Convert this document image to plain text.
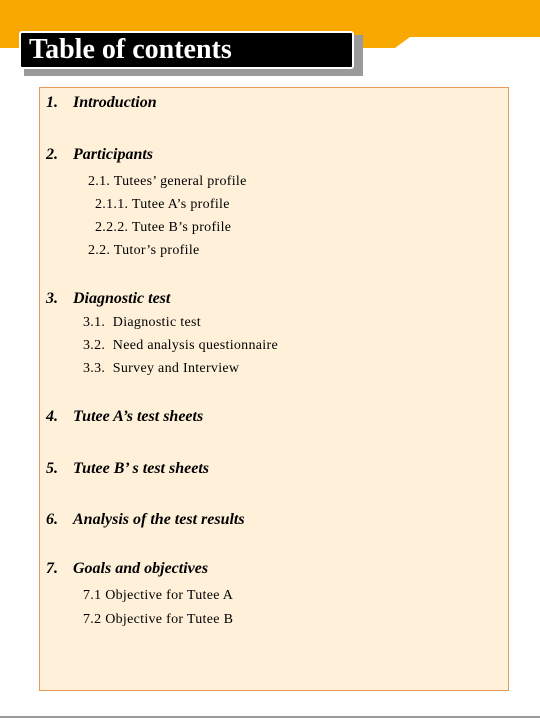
Table of contents
1. Introduction
2. Participants
2.1. Tutees’ general profile
2.1.1. Tutee A’s profile
2.2.2. Tutee B’s profile
2.2. Tutor’s profile
3. Diagnostic test
3.1.  Diagnostic test
3.2.  Need analysis questionnaire
3.3.  Survey and Interview
4. Tutee A’s test sheets
5. Tutee B’ s test sheets
6. Analysis of the test results
7. Goals and objectives
7.1 Objective for Tutee A
7.2 Objective for Tutee B
